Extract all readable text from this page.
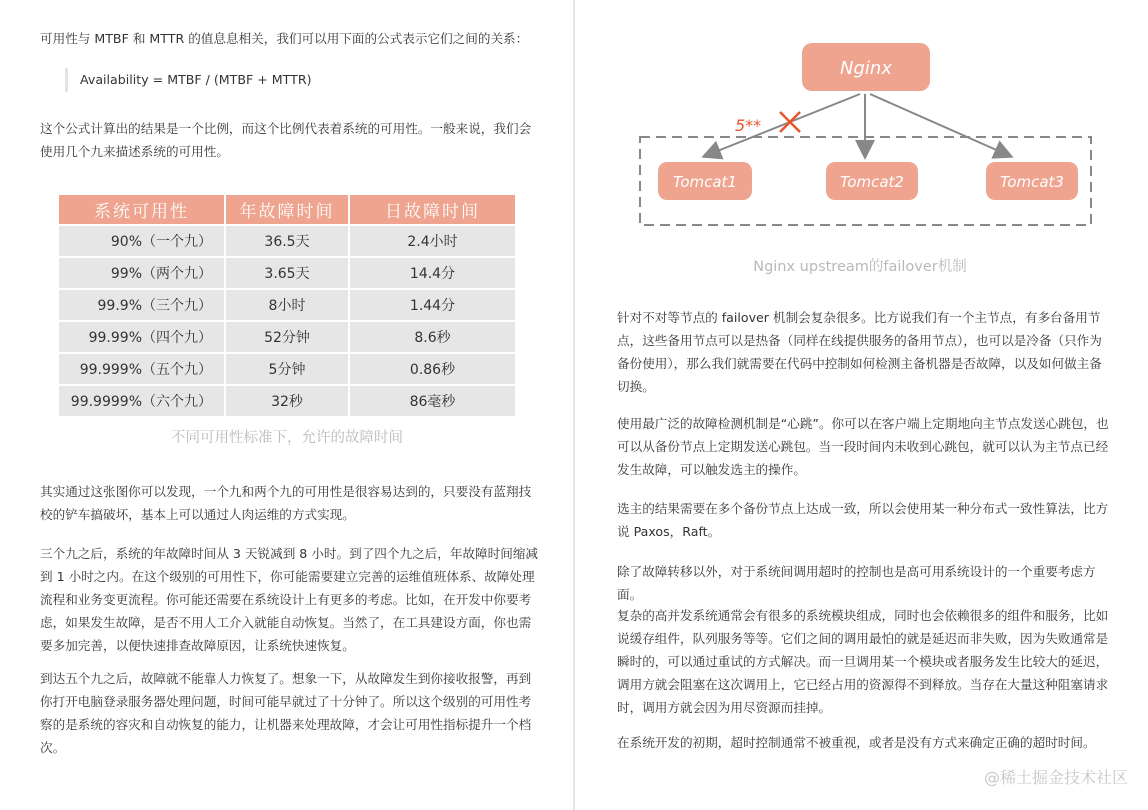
可用性与 MTBF 和 MTTR 的值息息相关，我们可以用下面的公式表示它们之间的关系：

Availability = MTBF / (MTBF + MTTR)

这个公式计算出的结果是一个比例，而这个比例代表着系统的可用性。一般来说，我们会使用几个九来描述系统的可用性。

系统可用性	年故障时间	日故障时间
90%（一个九）	36.5天	2.4小时
99%（两个九）	3.65天	14.4分
99.9%（三个九）	8小时	1.44分
99.99%（四个九）	52分钟	8.6秒
99.999%（五个九）	5分钟	0.86秒
99.9999%（六个九）	32秒	86毫秒
不同可用性标准下，允许的故障时间

其实通过这张图你可以发现，一个九和两个九的可用性是很容易达到的，只要没有蓝翔技校的铲车搞破坏，基本上可以通过人肉运维的方式实现。

三个九之后，系统的年故障时间从 3 天锐减到 8 小时。到了四个九之后，年故障时间缩减到 1 小时之内。在这个级别的可用性下，你可能需要建立完善的运维值班体系、故障处理流程和业务变更流程。你可能还需要在系统设计上有更多的考虑。比如，在开发中你要考虑，如果发生故障，是否不用人工介入就能自动恢复。当然了，在工具建设方面，你也需要多加完善，以便快速排查故障原因，让系统快速恢复。

到达五个九之后，故障就不能靠人力恢复了。想象一下，从故障发生到你接收报警，再到你打开电脑登录服务器处理问题，时间可能早就过了十分钟了。所以这个级别的可用性考察的是系统的容灾和自动恢复的能力，让机器来处理故障，才会让可用性指标提升一个档次。

5**
Nginx
Tomcat1	Tomcat2	Tomcat3
Nginx upstream的failover机制

针对不对等节点的 failover 机制会复杂很多。比方说我们有一个主节点，有多台备用节点，这些备用节点可以是热备（同样在线提供服务的备用节点），也可以是冷备（只作为备份使用），那么我们就需要在代码中控制如何检测主备机器是否故障，以及如何做主备切换。

使用最广泛的故障检测机制是“心跳”。你可以在客户端上定期地向主节点发送心跳包，也可以从备份节点上定期发送心跳包。当一段时间内未收到心跳包，就可以认为主节点已经发生故障，可以触发选主的操作。

选主的结果需要在多个备份节点上达成一致，所以会使用某一种分布式一致性算法，比方说 Paxos，Raft。

除了故障转移以外，对于系统间调用超时的控制也是高可用系统设计的一个重要考虑方面。

复杂的高并发系统通常会有很多的系统模块组成，同时也会依赖很多的组件和服务，比如说缓存组件，队列服务等等。它们之间的调用最怕的就是延迟而非失败，因为失败通常是瞬时的，可以通过重试的方式解决。而一旦调用某一个模块或者服务发生比较大的延迟，调用方就会阻塞在这次调用上，它已经占用的资源得不到释放。当存在大量这种阻塞请求时，调用方就会因为用尽资源而挂掉。

在系统开发的初期，超时控制通常不被重视，或者是没有方式来确定正确的超时时间。

@稀土掘金技术社区
